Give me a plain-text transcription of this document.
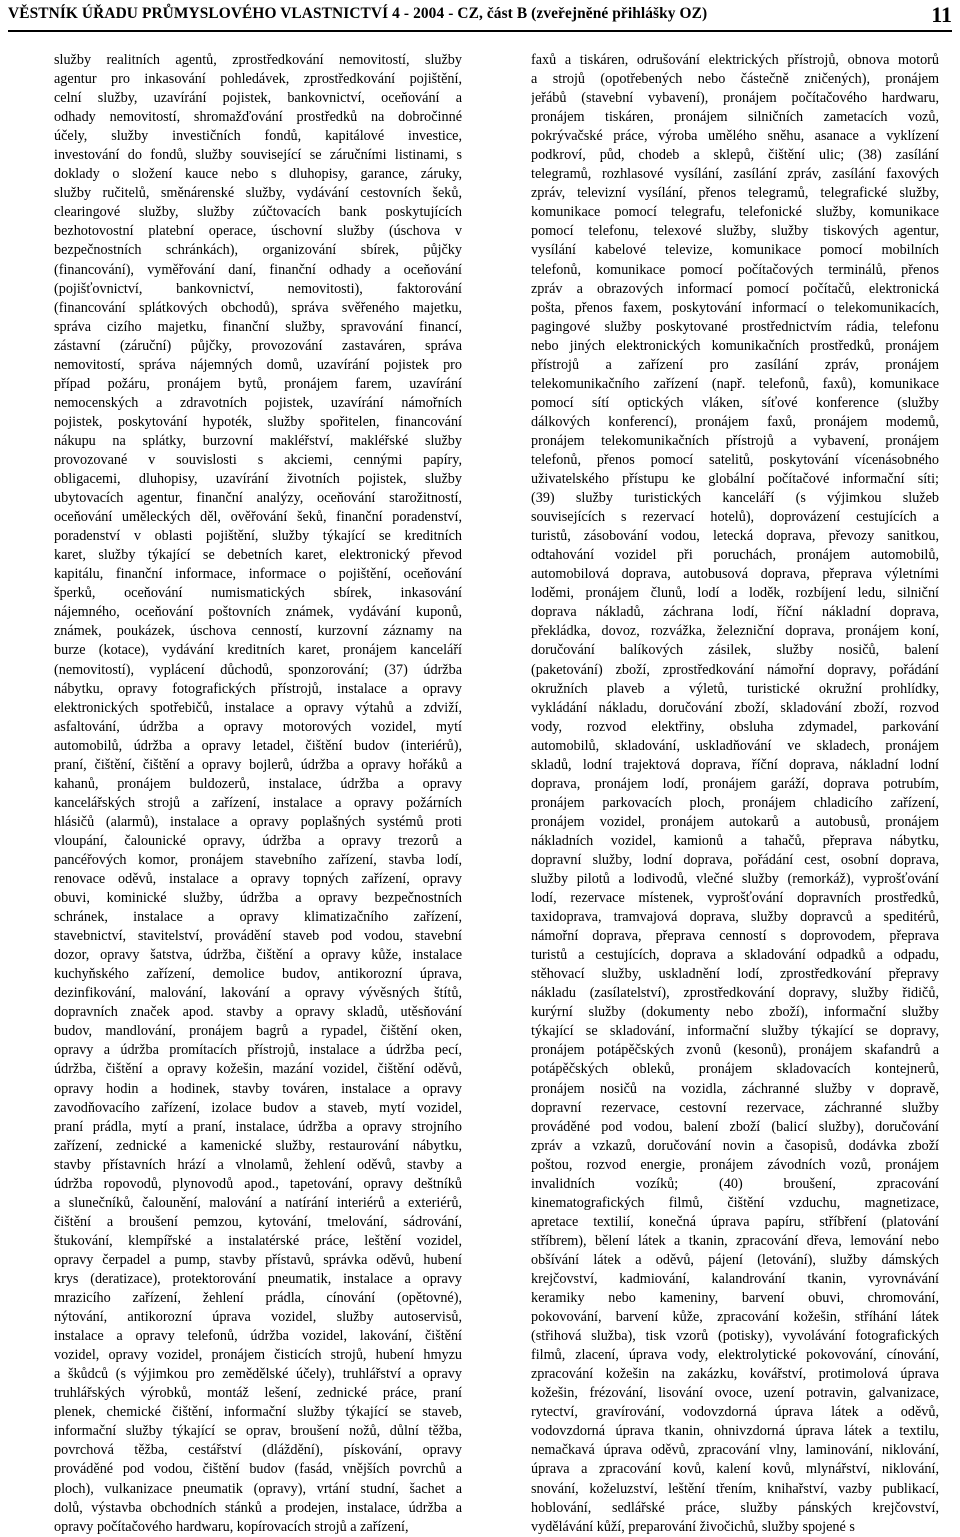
VĚSTNÍK ÚŘADU PRŮMYSLOVÉHO VLASTNICTVÍ 4 - 2004 - CZ, část B (zveřejněné přihlášky OZ)	11
služby realitních agentů, zprostředkování nemovitostí, služby
agentur pro inkasování pohledávek, zprostředkování pojištění,
celní služby, uzavírání pojistek, bankovnictví, oceňování a
odhady nemovitostí, shromažďování prostředků na dobročinné
účely, služby investičních fondů, kapitálové investice,
investování do fondů, služby související se záručními listinami, s
doklady o složení kauce nebo s dluhopisy, garance, záruky,
služby ručitelů, směnárenské služby, vydávání cestovních šeků,
clearingové služby, služby zúčtovacích bank poskytujících
bezhotovostní platební operace, úschovní služby (úschova v
bezpečnostních schránkách), organizování sbírek, půjčky
(financování), vyměřování daní, finanční odhady a oceňování
(pojišťovnictví, bankovnictví, nemovitosti), faktorování
(financování splátkových obchodů), správa svěřeného majetku,
správa cizího majetku, finanční služby, spravování financí,
zástavní (záruční) půjčky, provozování zastaváren, správa
nemovitostí, správa nájemných domů, uzavírání pojistek pro
případ požáru, pronájem bytů, pronájem farem, uzavírání
nemocenských a zdravotních pojistek, uzavírání námořních
pojistek, poskytování hypoték, služby spořitelen, financování
nákupu na splátky, burzovní makléřství, makléřské služby
provozované v souvislosti s akciemi, cennými papíry,
obligacemi, dluhopisy, uzavírání životních pojistek, služby
ubytovacích agentur, finanční analýzy, oceňování starožitností,
oceňování uměleckých děl, ověřování šeků, finanční poradenství,
poradenství v oblasti pojištění, služby týkající se kreditních
karet, služby týkající se debetních karet, elektronický převod
kapitálu, finanční informace, informace o pojištění, oceňování
šperků, oceňování numismatických sbírek, inkasování
nájemného, oceňování poštovních známek, vydávání kuponů,
známek, poukázek, úschova cenností, kurzovní záznamy na
burze (kotace), vydávání kreditních karet, pronájem kanceláří
(nemovitostí), vyplácení důchodů, sponzorování; (37) údržba
nábytku, opravy fotografických přístrojů, instalace a opravy
elektronických spotřebičů, instalace a opravy výtahů a zdviží,
asfaltování, údržba a opravy motorových vozidel, mytí
automobilů, údržba a opravy letadel, čištění budov (interiérů),
praní, čištění, čištění a opravy bojlerů, údržba a opravy hořáků a
kahanů, pronájem buldozerů, instalace, údržba a opravy
kancelářských strojů a zařízení, instalace a opravy požárních
hlásičů (alarmů), instalace a opravy poplašných systémů proti
vloupání, čalounické opravy, údržba a opravy trezorů a
pancéřových komor, pronájem stavebního zařízení, stavba lodí,
renovace oděvů, instalace a opravy topných zařízení, opravy
obuvi, kominické služby, údržba a opravy bezpečnostních
schránek, instalace a opravy klimatizačního zařízení,
stavebnictví, stavitelství, provádění staveb pod vodou, stavební
dozor, opravy šatstva, údržba, čištění a opravy kůže, instalace
kuchyňského zařízení, demolice budov, antikorozní úprava,
dezinfikování, malování, lakování a opravy vývěsných štítů,
dopravních značek apod. stavby a opravy skladů, utěsňování
budov, mandlování, pronájem bagrů a rypadel, čištění oken,
opravy a údržba promítacích přístrojů, instalace a údržba pecí,
údržba, čištění a opravy kožešin, mazání vozidel, čištění oděvů,
opravy hodin a hodinek, stavby továren, instalace a opravy
zavodňovacího zařízení, izolace budov a staveb, mytí vozidel,
praní prádla, mytí a praní, instalace, údržba a opravy strojního
zařízení, zednické a kamenické služby, restaurování nábytku,
stavby přístavních hrází a vlnolamů, žehlení oděvů, stavby a
údržba ropovodů, plynovodů apod., tapetování, opravy deštníků
a slunečníků, čalounění, malování a natírání interiérů a exteriérů,
čištění a broušení pemzou, kytování, tmelování, sádrování,
štukování, klempířské a instalatérské práce, leštění vozidel,
opravy čerpadel a pump, stavby přístavů, správka oděvů, hubení
krys (deratizace), protektorování pneumatik, instalace a opravy
mrazicího zařízení, žehlení prádla, cínování (opětovné),
nýtování, antikorozní úprava vozidel, služby autoservisů,
instalace a opravy telefonů, údržba vozidel, lakování, čištění
vozidel, opravy vozidel, pronájem čisticích strojů, hubení hmyzu
a škůdců (s výjimkou pro zemědělské účely), truhlářství a opravy
truhlářských výrobků, montáž lešení, zednické práce, praní
plenek, chemické čištění, informační služby týkající se staveb,
informační služby týkající se oprav, broušení nožů, důlní těžba,
povrchová těžba, cestářství (dláždění), pískování, opravy
prováděné pod vodou, čištění budov (fasád, vnějších povrchů a
ploch), vulkanizace pneumatik (opravy), vrtání studní, šachet a
dolů, výstavba obchodních stánků a prodejen, instalace, údržba a
opravy počítačového hardwaru, kopírovacích strojů a zařízení,
faxů a tiskáren, odrušování elektrických přístrojů, obnova motorů
a strojů (opotřebených nebo částečně zničených), pronájem
jeřábů (stavební vybavení), pronájem počítačového hardwaru,
pronájem tiskáren, pronájem silničních zametacích vozů,
pokrývačské práce, výroba umělého sněhu, asanace a vyklízení
podkroví, půd, chodeb a sklepů, čištění ulic; (38) zasílání
telegramů, rozhlasové vysílání, zasílání zpráv, zasílání faxových
zpráv, televizní vysílání, přenos telegramů, telegrafické služby,
komunikace pomocí telegrafu, telefonické služby, komunikace
pomocí telefonu, telexové služby, služby tiskových agentur,
vysílání kabelové televize, komunikace pomocí mobilních
telefonů, komunikace pomocí počítačových terminálů, přenos
zpráv a obrazových informací pomocí počítačů, elektronická
pošta, přenos faxem, poskytování informací o telekomunikacích,
pagingové služby poskytované prostřednictvím rádia, telefonu
nebo jiných elektronických komunikačních prostředků, pronájem
přístrojů a zařízení pro zasílání zpráv, pronájem
telekomunikačního zařízení (např. telefonů, faxů), komunikace
pomocí sítí optických vláken, síťové konference (služby
dálkových konferencí), pronájem faxů, pronájem modemů,
pronájem telekomunikačních přístrojů a vybavení, pronájem
telefonů, přenos pomocí satelitů, poskytování vícenásobného
uživatelského přístupu ke globální počítačové informační síti;
(39) služby turistických kanceláří (s výjimkou služeb
souvisejících s rezervací hotelů), doprovázení cestujících a
turistů, zásobování vodou, letecká doprava, převozy sanitkou,
odtahování vozidel při poruchách, pronájem automobilů,
automobilová doprava, autobusová doprava, přeprava výletními
loděmi, pronájem člunů, lodí a loděk, rozbíjení ledu, silniční
doprava nákladů, záchrana lodí, říční nákladní doprava,
překládka, dovoz, rozvážka, železniční doprava, pronájem koní,
doručování balíkových zásilek, služby nosičů, balení
(paketování) zboží, zprostředkování námořní dopravy, pořádání
okružních plaveb a výletů, turistické okružní prohlídky,
vykládání nákladu, doručování zboží, skladování zboží, rozvod
vody, rozvod elektřiny, obsluha zdymadel, parkování
automobilů, skladování, uskladňování ve skladech, pronájem
skladů, lodní trajektová doprava, říční doprava, nákladní lodní
doprava, pronájem lodí, pronájem garáží, doprava potrubím,
pronájem parkovacích ploch, pronájem chladicího zařízení,
pronájem vozidel, pronájem autokarů a autobusů, pronájem
nákladních vozidel, kamionů a tahačů, přeprava nábytku,
dopravní služby, lodní doprava, pořádání cest, osobní doprava,
služby pilotů a lodivodů, vlečné služby (remorkáž), vyprošťování
lodí, rezervace místenek, vyprošťování dopravních prostředků,
taxidoprava, tramvajová doprava, služby dopravců a speditérů,
námořní doprava, přeprava cenností s doprovodem, přeprava
turistů a cestujících, doprava a skladování odpadků a odpadu,
stěhovací služby, uskladnění lodí, zprostředkování přepravy
nákladu (zasílatelství), zprostředkování dopravy, služby řidičů,
kurýrní služby (dokumenty nebo zboží), informační služby
týkající se skladování, informační služby týkající se dopravy,
pronájem potápěčských zvonů (kesonů), pronájem skafandrů a
potápěčských obleků, pronájem skladovacích kontejnerů,
pronájem nosičů na vozidla, záchranné služby v dopravě,
dopravní rezervace, cestovní rezervace, záchranné služby
prováděné pod vodou, balení zboží (balicí služby), doručování
zpráv a vzkazů, doručování novin a časopisů, dodávka zboží
poštou, rozvod energie, pronájem závodních vozů, pronájem
invalidních vozíků; (40) broušení, zpracování
kinematografických filmů, čištění vzduchu, magnetizace,
apretace textilií, konečná úprava papíru, stříbření (platování
stříbrem), bělení látek a tkanin, zpracování dřeva, lemování nebo
obšívání látek a oděvů, pájení (letování), služby dámských
krejčovství, kadmiování, kalandrování tkanin, vyrovnávání
keramiky nebo kameniny, barvení obuvi, chromování,
pokovování, barvení kůže, zpracování kožešin, stříhání látek
(střihová služba), tisk vzorů (potisky), vyvolávání fotografických
filmů, zlacení, úprava vody, elektrolytické pokovování, cínování,
zpracování kožešin na zakázku, kovářství, protimolová úprava
kožešin, frézování, lisování ovoce, uzení potravin, galvanizace,
rytectví, gravírování, vodovzdorná úprava látek a oděvů,
vodovzdorná úprava tkanin, ohnivzdorná úprava látek a textilu,
nemačkavá úprava oděvů, zpracování vlny, laminování, niklování,
úprava a zpracování kovů, kalení kovů, mlynářství, niklování,
snování, koželuzství, leštění třením, knihařství, vazby publikací,
hoblování, sedlářské práce, služby pánských krejčovství,
vydělávání kůží, preparování živočichů, služby spojené s
